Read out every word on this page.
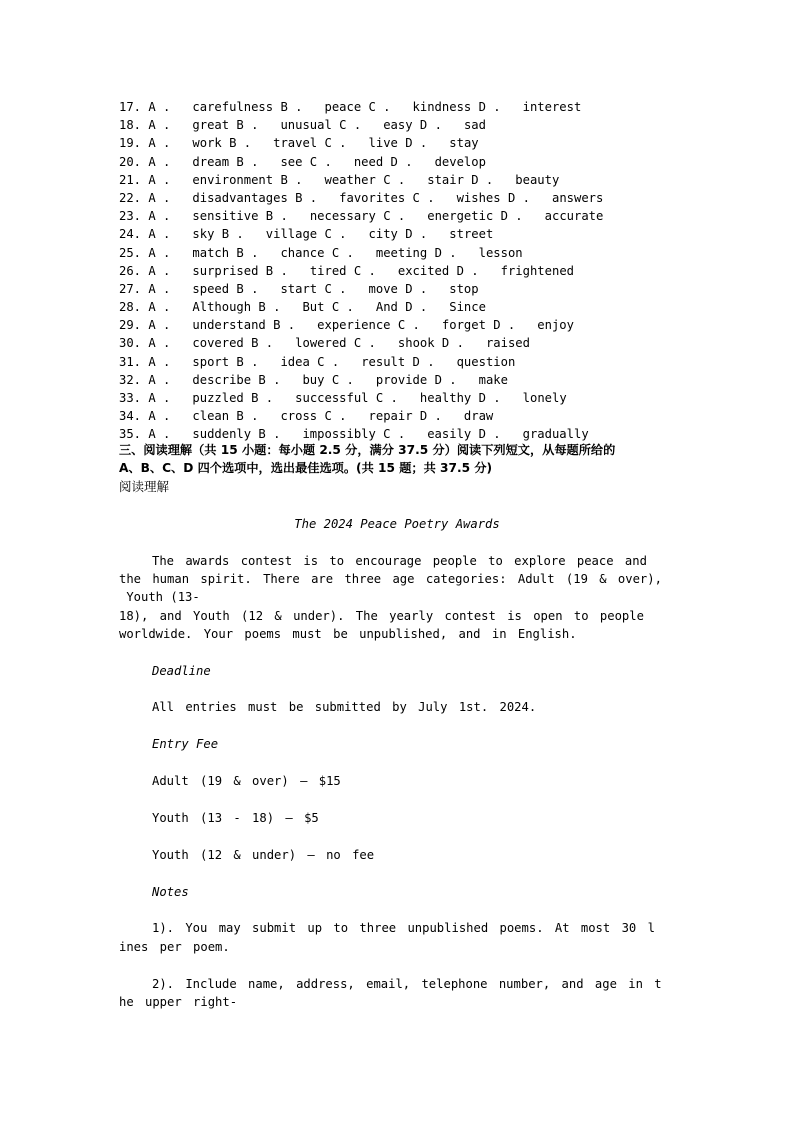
17. A .   carefulness B .   peace C .   kindness D .   interest
18. A .   great B .   unusual C .   easy D .   sad
19. A .   work B .   travel C .   live D .   stay
20. A .   dream B .   see C .   need D .   develop
21. A .   environment B .   weather C .   stair D .   beauty
22. A .   disadvantages B .   favorites C .   wishes D .   answers
23. A .   sensitive B .   necessary C .   energetic D .   accurate
24. A .   sky B .   village C .   city D .   street
25. A .   match B .   chance C .   meeting D .   lesson
26. A .   surprised B .   tired C .   excited D .   frightened
27. A .   speed B .   start C .   move D .   stop
28. A .   Although B .   But C .   And D .   Since
29. A .   understand B .   experience C .   forget D .   enjoy
30. A .   covered B .   lowered C .   shook D .   raised
31. A .   sport B .   idea C .   result D .   question
32. A .   describe B .   buy C .   provide D .   make
33. A .   puzzled B .   successful C .   healthy D .   lonely
34. A .   clean B .   cross C .   repair D .   draw
35. A .   suddenly B .   impossibly C .   easily D .   gradually
三、阅读理解（共 15 小题：每小题 2.5 分，满分 37.5 分）阅读下列短文，从每题所给的
A、B、C、D 四个选项中，选出最佳选项。(共 15 题；共 37.5 分)
阅读理解
The 2024 Peace Poetry Awards
The awards contest is to encourage people to explore peace and
the human spirit. There are three age categories: Adult (19 & over),
Youth (13-
18), and Youth (12 & under). The yearly contest is open to people
worldwide. Your poems must be unpublished, and in English.
Deadline
All entries must be submitted by July 1st. 2024.
Entry Fee
Adult (19 & over) — $15
Youth (13 - 18) — $5
Youth (12 & under) — no fee
Notes
1). You may submit up to three unpublished poems. At most 30 l
ines per poem.
2). Include name, address, email, telephone number, and age in t
he upper right-
